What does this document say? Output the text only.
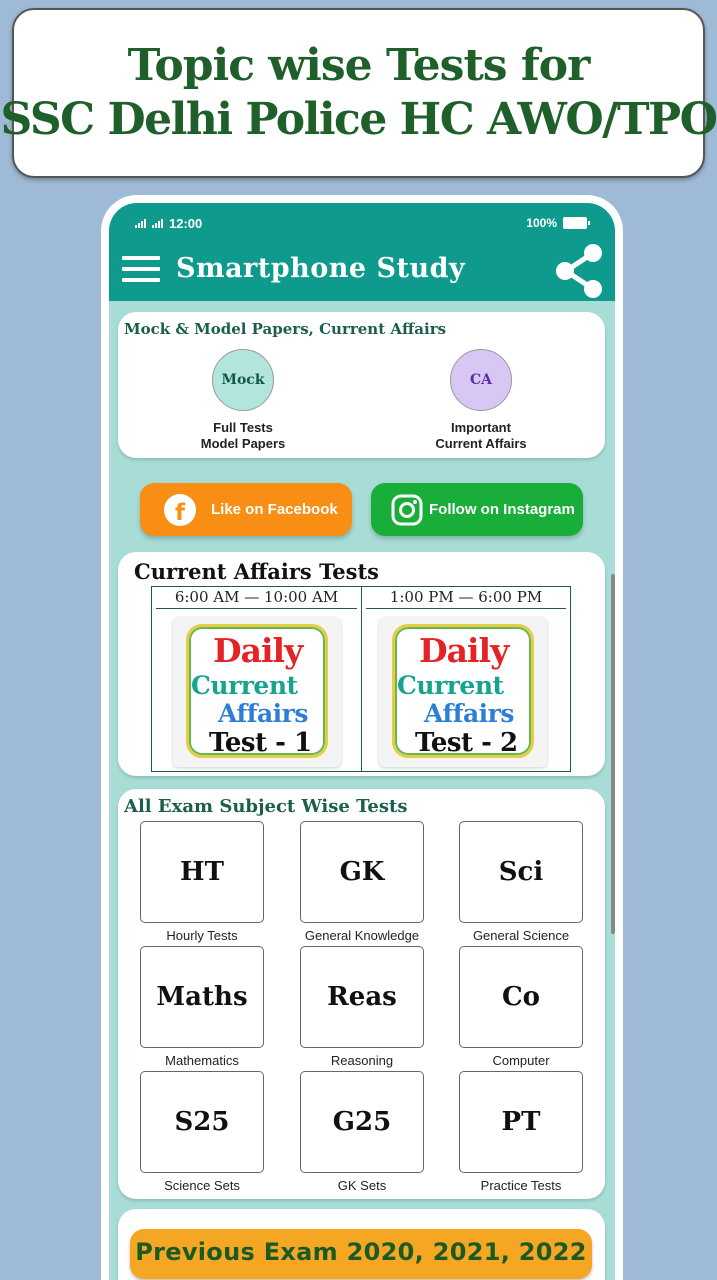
Topic wise Tests for
SSC Delhi Police HC AWO/TPO
12:00	100%
Smartphone Study
Mock & Model Papers, Current Affairs
Mock
Full Tests
Model Papers
CA
Important
Current Affairs
f	Like on Facebook	Follow on Instagram
Current Affairs Tests
6:00 AM — 10:00 AM	1:00 PM — 6:00 PM
Daily
Current
Affairs
Test - 1
Daily
Current
Affairs
Test - 2
All Exam Subject Wise Tests
HT
Hourly Tests
GK
General Knowledge
Sci
General Science
Maths
Mathematics
Reas
Reasoning
Co
Computer
S25
Science Sets
G25
GK Sets
PT
Practice Tests
Previous Exam 2020, 2021, 2022
